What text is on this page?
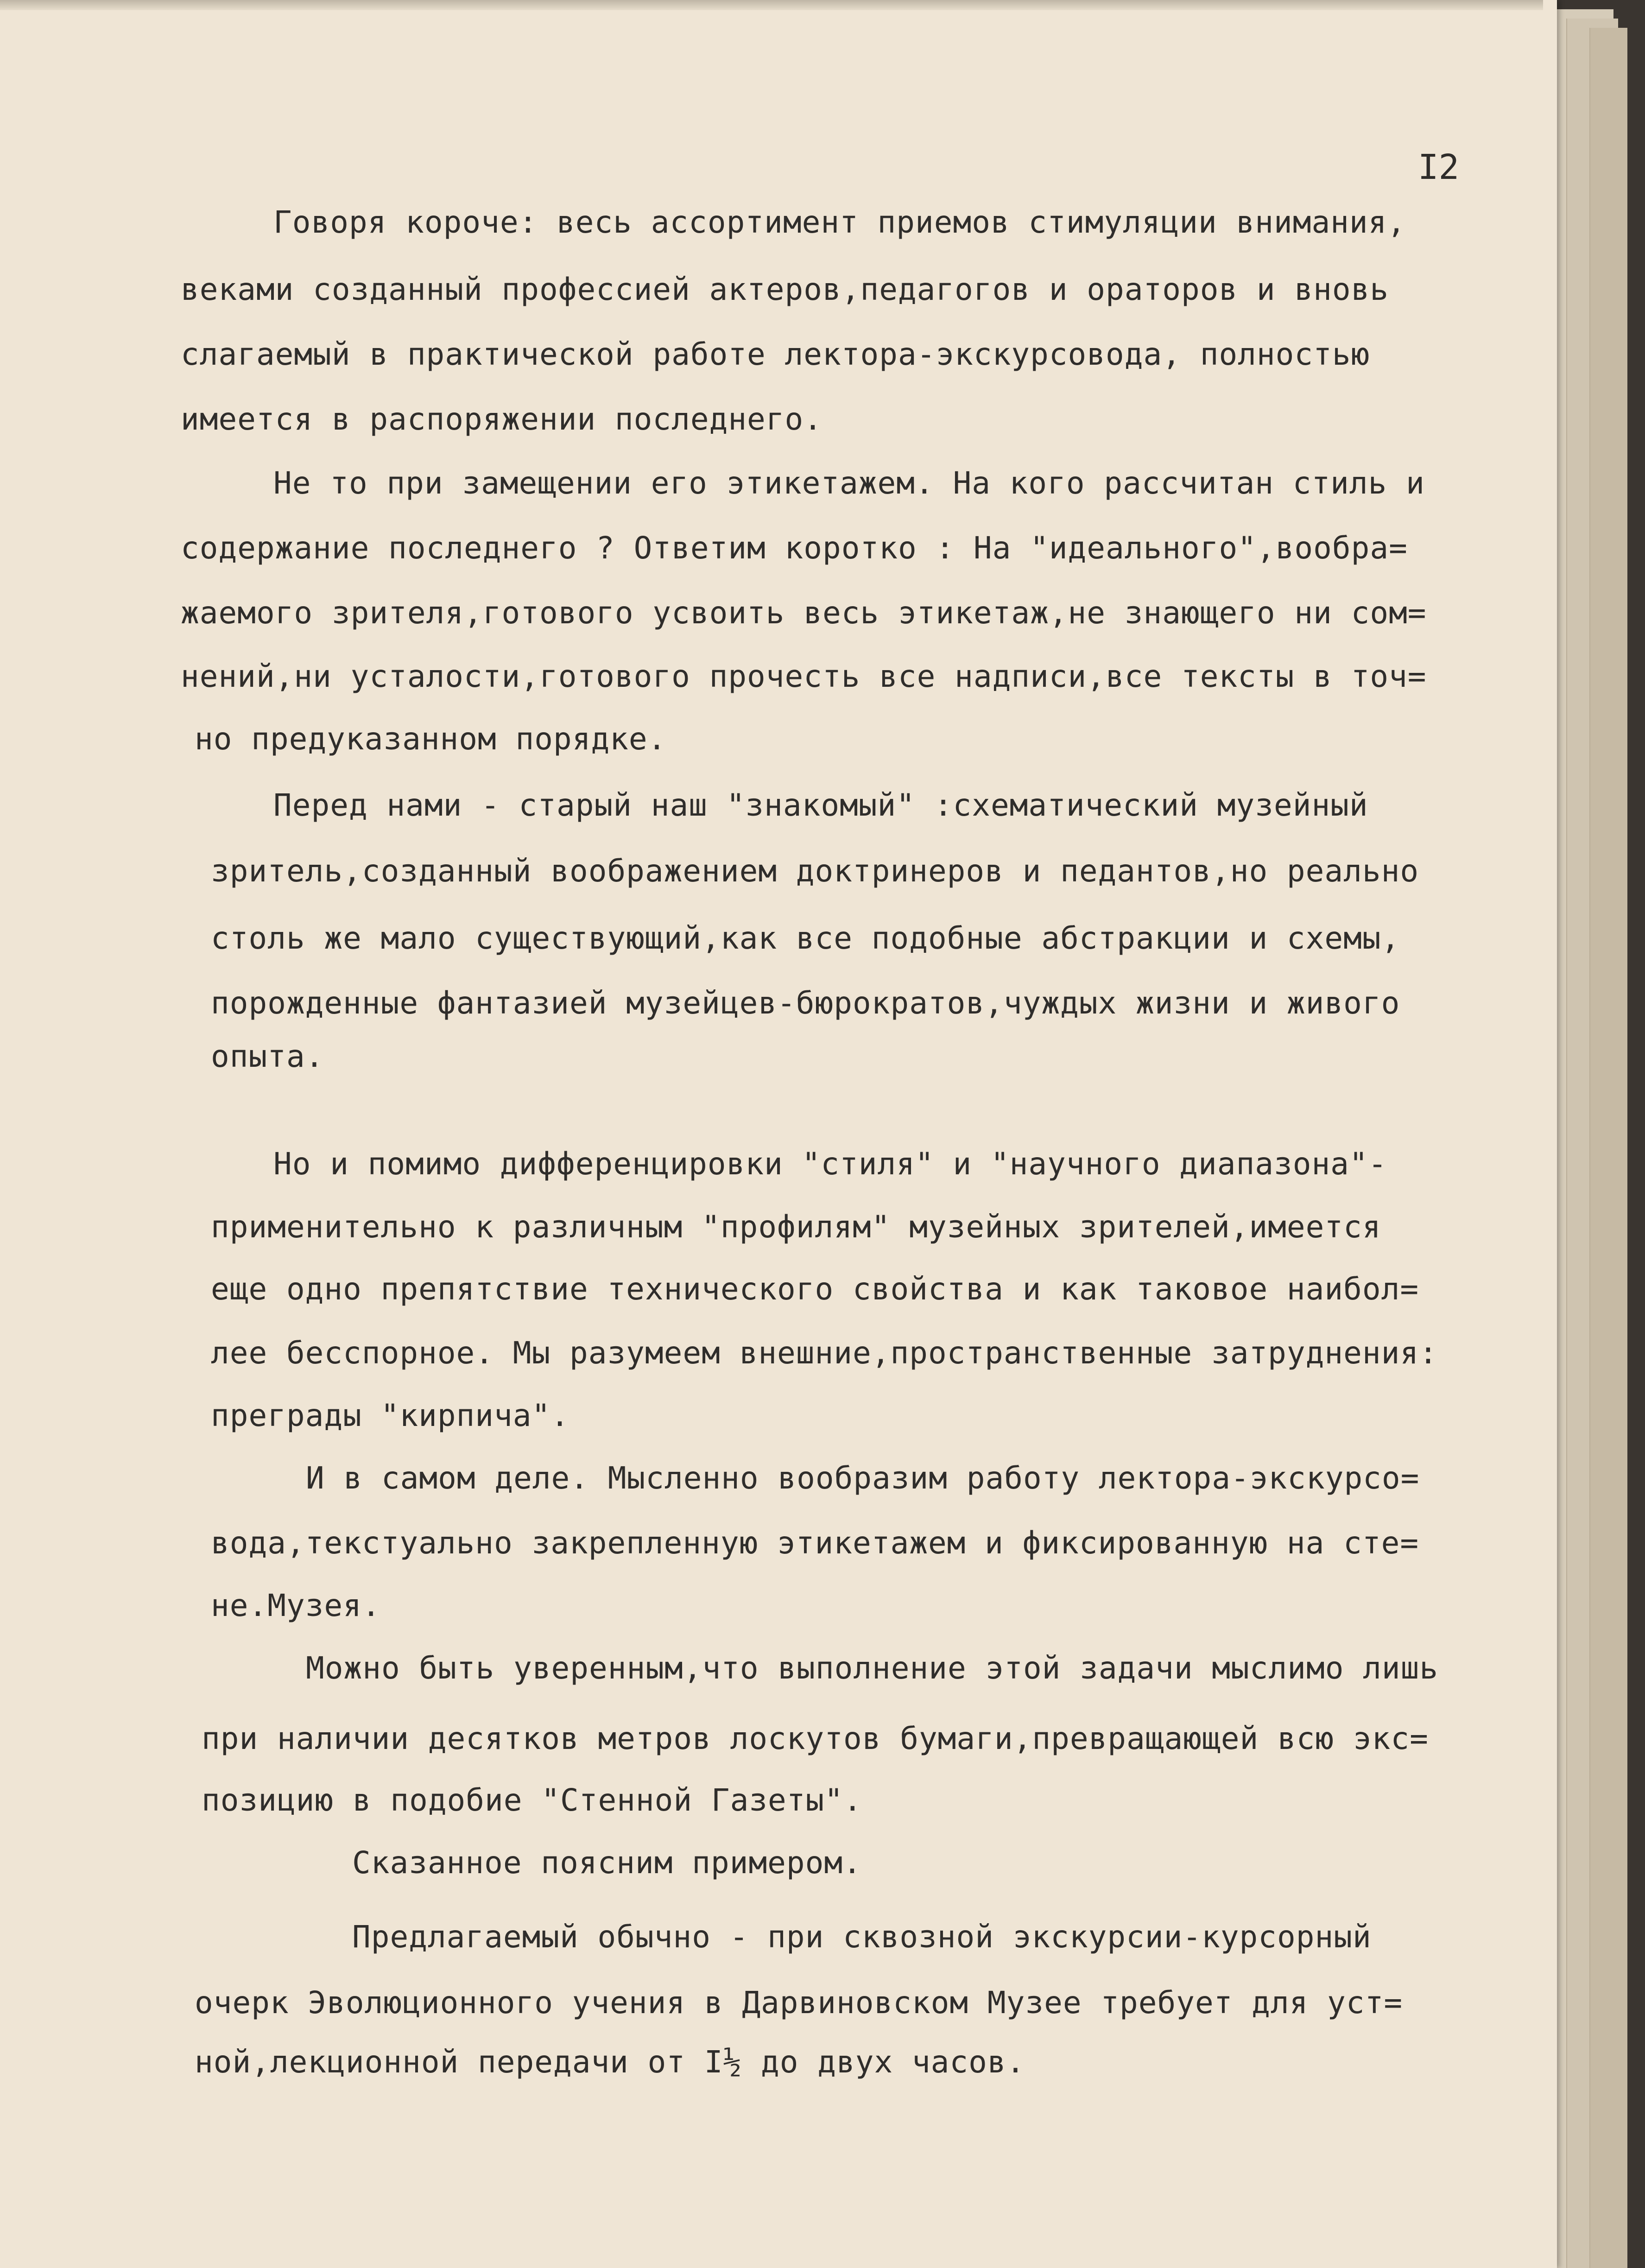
I2
Говоря короче: весь ассортимент приемов стимуляции внимания,
веками созданный профессией актеров,педагогов и ораторов и вновь
слагаемый в практической работе лектора-экскурсовода, полностью
имеется в распоряжении последнего.
Не то при замещении его этикетажем. На кого рассчитан стиль и
содержание последнего ? Ответим коротко : На "идеального",вообра=
жаемого зрителя,готового усвоить весь этикетаж,не знающего ни сом=
нений,ни усталости,готового прочесть все надписи,все тексты в точ=
но предуказанном порядке.
Перед нами - старый наш "знакомый" :схематический музейный
зритель,созданный воображением доктринеров и педантов,но реально
столь же мало существующий,как все подобные абстракции и схемы,
порожденные фантазией музейцев-бюрократов,чуждых жизни и живого
опыта.
Но и помимо дифференцировки "стиля" и "научного диапазона"-
применительно к различным "профилям" музейных зрителей,имеется
еще одно препятствие технического свойства и как таковое наибол=
лее бесспорное. Мы разумеем внешние,пространственные затруднения:
преграды "кирпича".
И в самом деле. Мысленно вообразим работу лектора-экскурсо=
вода,текстуально закрепленную этикетажем и фиксированную на сте=
не.Музея.
Можно быть уверенным,что выполнение этой задачи мыслимо лишь
при наличии десятков метров лоскутов бумаги,превращающей всю экс=
позицию в подобие "Стенной Газеты".
Сказанное поясним примером.
Предлагаемый обычно - при сквозной экскурсии-курсорный
очерк Эволюционного учения в Дарвиновском Музее требует для уст=
ной,лекционной передачи от I½ до двух часов.
